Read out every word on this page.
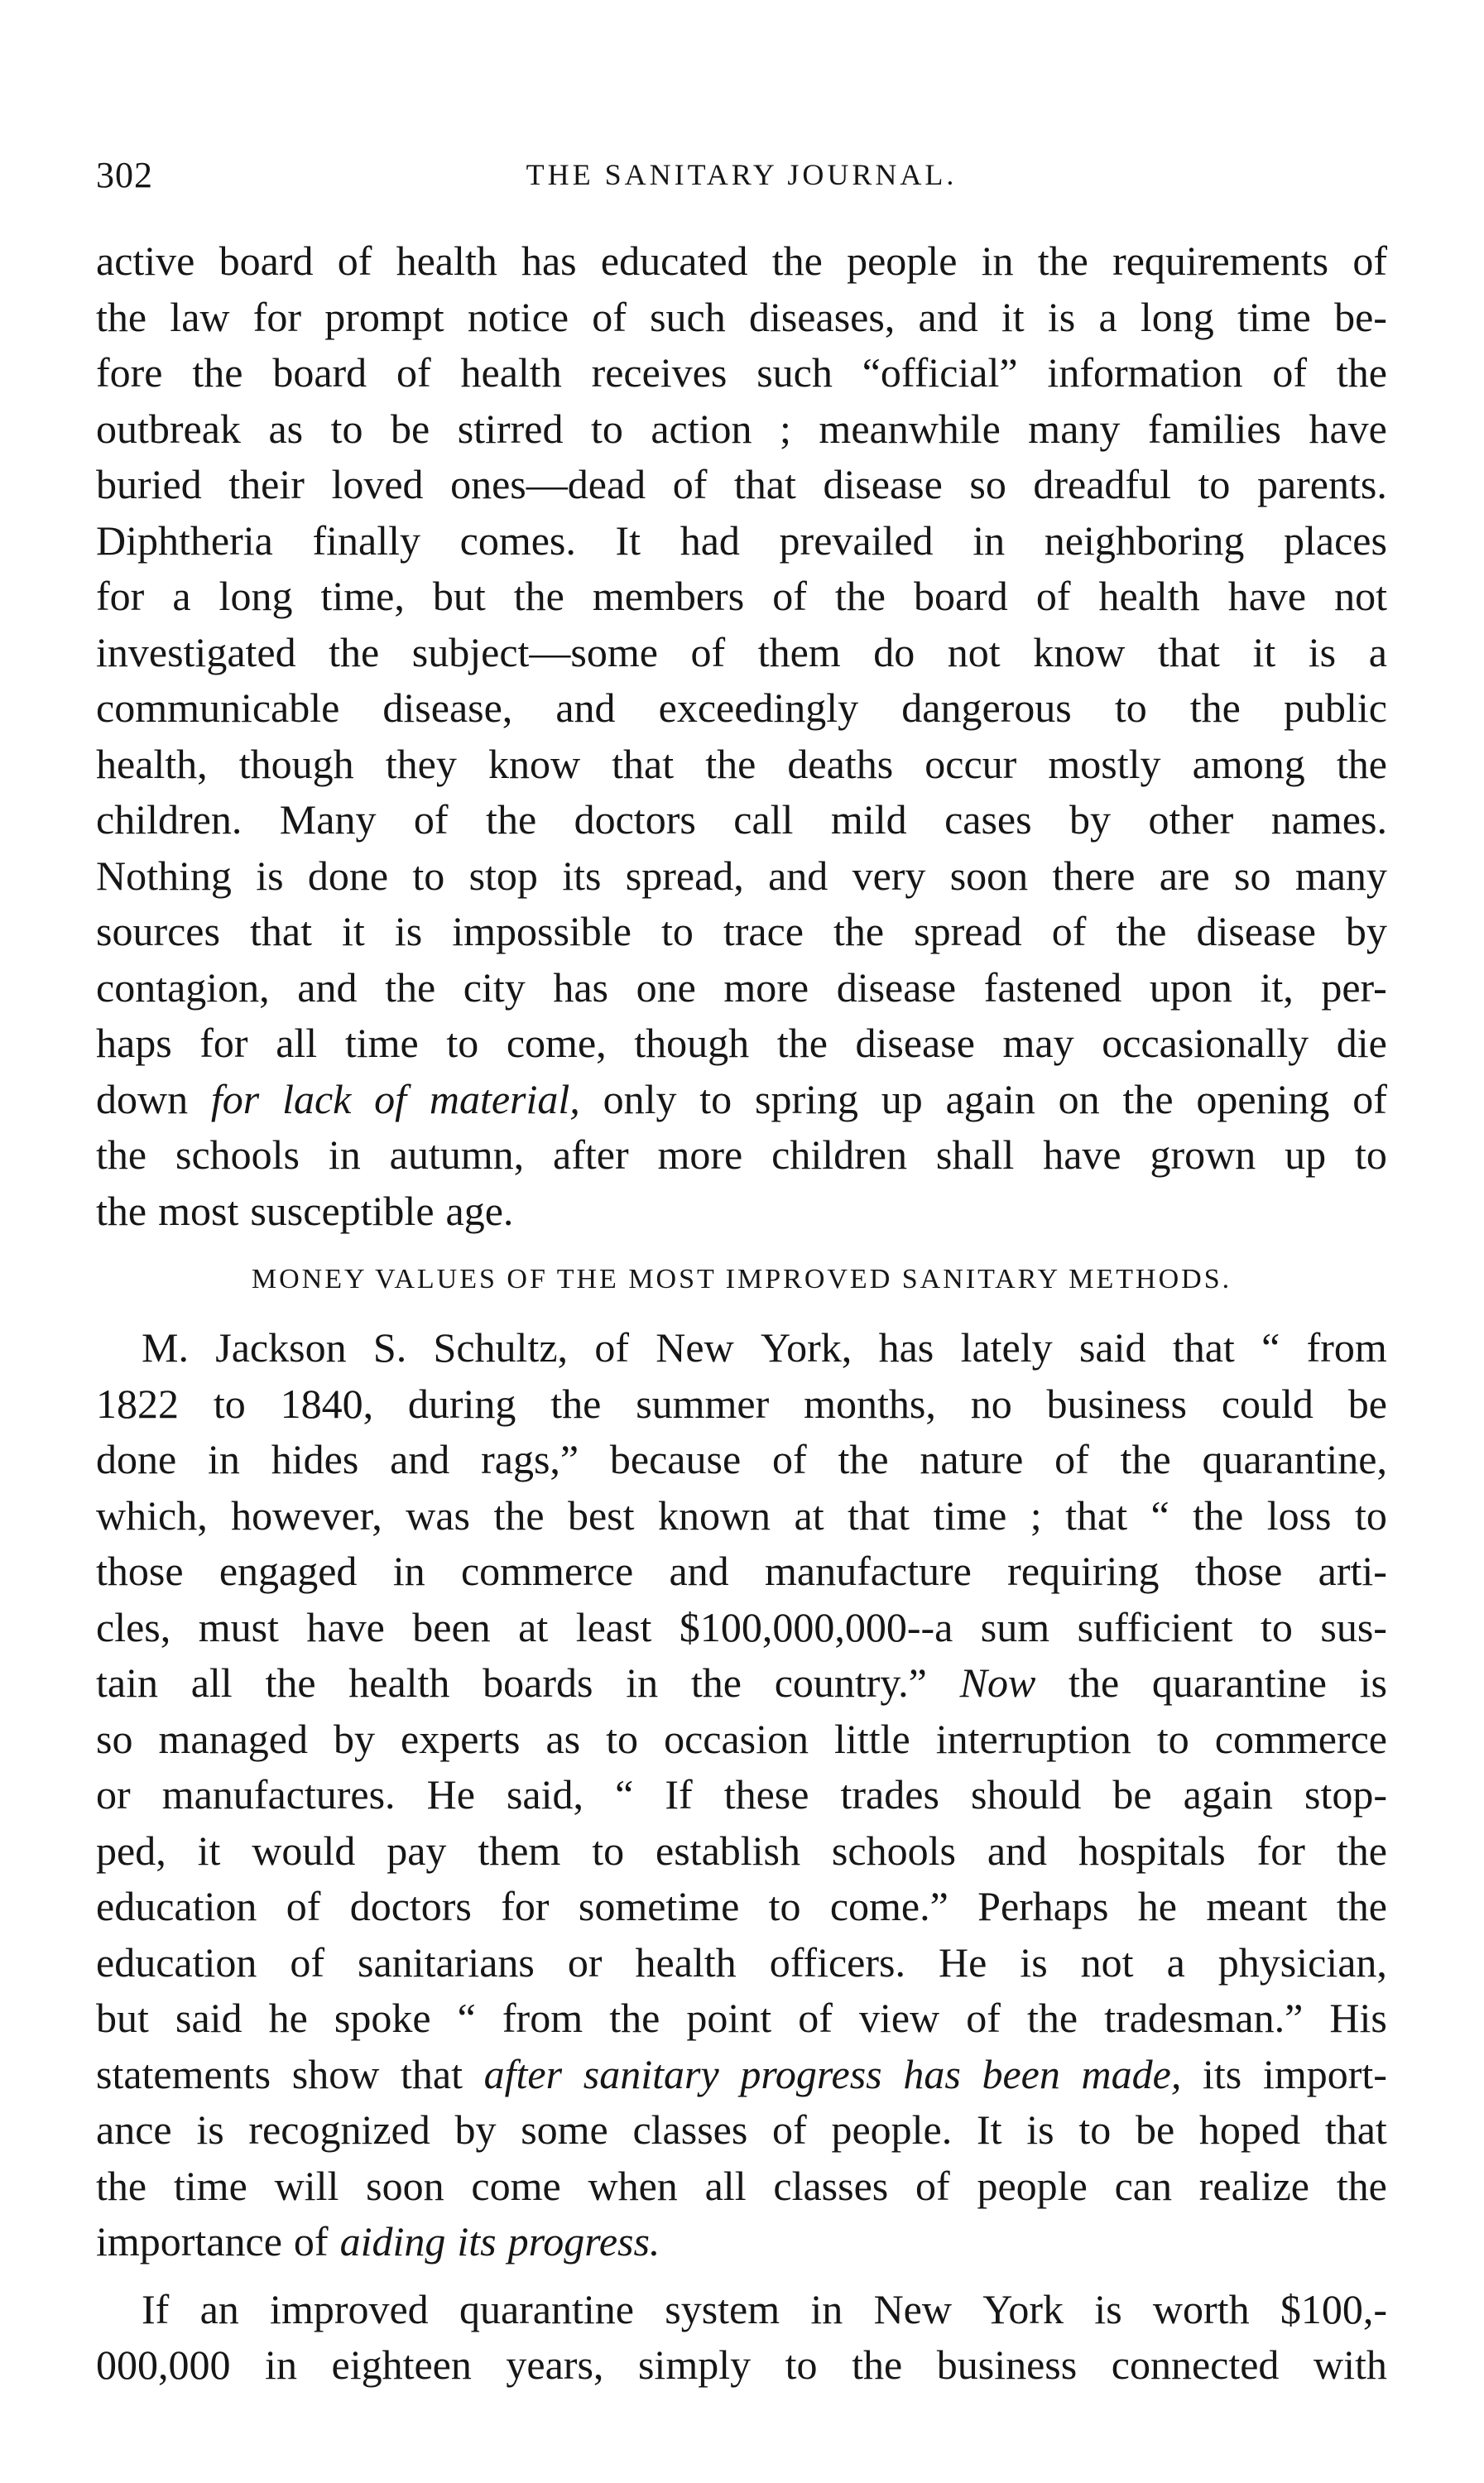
302	THE SANITARY JOURNAL.
active board of health has educated the people in the requirements of
the law for prompt notice of such diseases, and it is a long time be-
fore the board of health receives such “official” information of the
outbreak as to be stirred to action ; meanwhile many families have
buried their loved ones—dead of that disease so dreadful to parents.
Diphtheria finally comes. It had prevailed in neighboring places
for a long time, but the members of the board of health have not
investigated the subject—some of them do not know that it is a
communicable disease, and exceedingly dangerous to the public
health, though they know that the deaths occur mostly among the
children. Many of the doctors call mild cases by other names.
Nothing is done to stop its spread, and very soon there are so many
sources that it is impossible to trace the spread of the disease by
contagion, and the city has one more disease fastened upon it, per-
haps for all time to come, though the disease may occasionally die
down for lack of material, only to spring up again on the opening of
the schools in autumn, after more children shall have grown up to
the most susceptible age.
MONEY VALUES OF THE MOST IMPROVED SANITARY METHODS.
M. Jackson S. Schultz, of New York, has lately said that “ from
1822 to 1840, during the summer months, no business could be
done in hides and rags,” because of the nature of the quarantine,
which, however, was the best known at that time ; that “ the loss to
those engaged in commerce and manufacture requiring those arti-
cles, must have been at least $100,000,000--a sum sufficient to sus-
tain all the health boards in the country.” Now the quarantine is
so managed by experts as to occasion little interruption to commerce
or manufactures. He said, “ If these trades should be again stop-
ped, it would pay them to establish schools and hospitals for the
education of doctors for sometime to come.” Perhaps he meant the
education of sanitarians or health officers. He is not a physician,
but said he spoke “ from the point of view of the tradesman.” His
statements show that after sanitary progress has been made, its import-
ance is recognized by some classes of people. It is to be hoped that
the time will soon come when all classes of people can realize the
importance of aiding its progress.
If an improved quarantine system in New York is worth $100,-
000,000 in eighteen years, simply to the business connected with
